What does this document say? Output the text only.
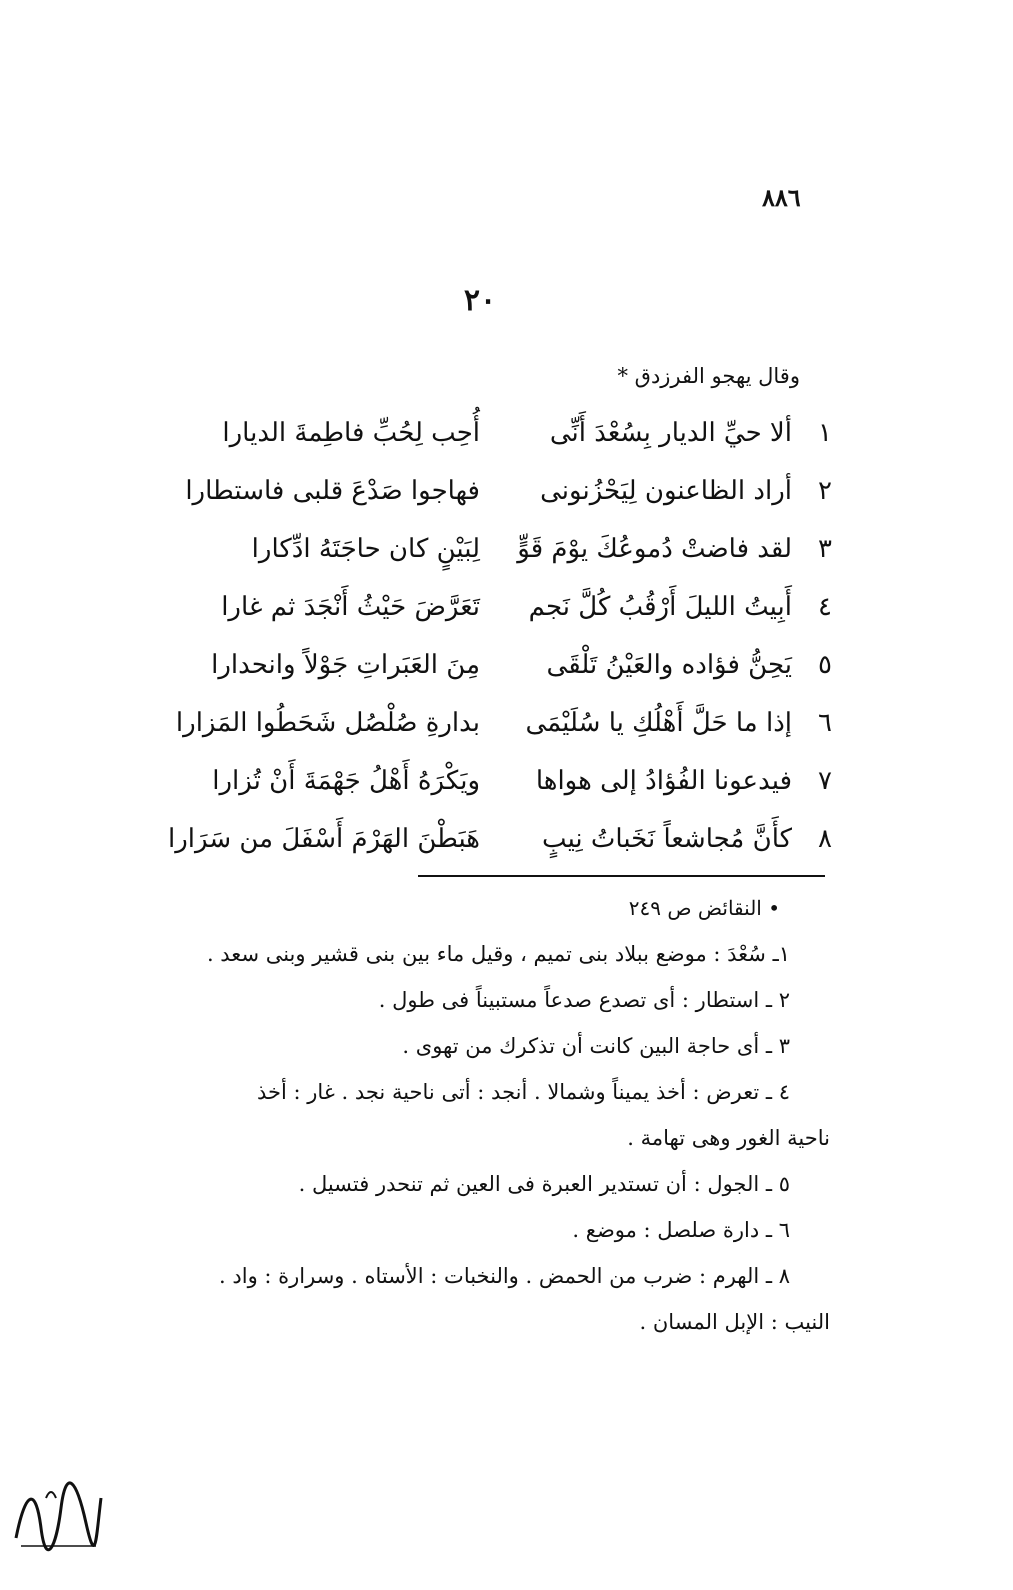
٨٨٦
٢٠
وقال يهجو الفرزدق *
١
ألا حيِّ الديار بِسُعْدَ أَنِّى
أُحِب لِحُبِّ فاطِمةَ الديارا
٢
أراد الظاعنون لِيَحْزُنونى
فهاجوا صَدْعَ قلبى فاستطارا
٣
لقد فاضتْ دُموعُكَ يوْمَ قَوٍّ
لِبَيْنٍ كان حاجَتَهُ ادِّكارا
٤
أَبِيتُ الليلَ أَرْقُبُ كُلَّ نَجم
تَعَرَّضَ حَيْثُ أَنْجَدَ ثم غارا
٥
يَحِنُّ فؤاده والعَيْنُ تَلْقَى
مِنَ العَبَراتِ جَوْلاً وانحدارا
٦
إذا ما حَلَّ أَهْلُكِ يا سُلَيْمَى
بدارةِ صُلْصُل شَحَطُوا المَزارا
٧
فيدعونا الفُؤادُ إلى هواها
ويَكْرَهُ أَهْلُ جَهْمَةَ أَنْ تُزارا
٨
كأَنَّ مُجاشعاً نَخَباتُ نِيبٍ
هَبَطْنَ الهَرْمَ أَسْفَلَ من سَرَارا

• النقائض ص ٢٤٩

١ـ سُعْدَ : موضع ببلاد بنى تميم ، وقيل ماء بين بنى قشير وبنى سعد .

٢ ـ استطار : أى تصدع صدعاً مستبيناً فى طول .

٣ ـ أى حاجة البين كانت أن تذكرك من تهوى .

٤ ـ تعرض : أخذ يميناً وشمالا . أنجد : أتى ناحية نجد . غار : أخذ

ناحية الغور وهى تهامة .

٥ ـ الجول : أن تستدير العبرة فى العين ثم تنحدر فتسيل .

٦ ـ دارة صلصل : موضع .

٨ ـ الهرم : ضرب من الحمض . والنخبات : الأستاه . وسرارة : واد .

النيب : الإبل المسان .
